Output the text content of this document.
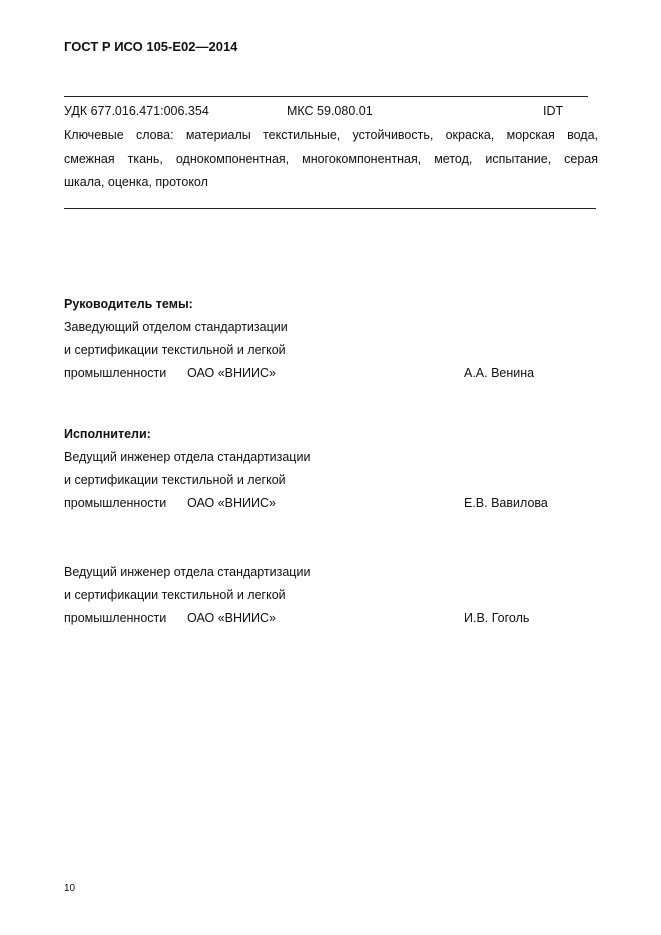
ГОСТ Р ИСО 105-E02—2014
УДК 677.016.471:006.354	МКС 59.080.01	IDT
Ключевые слова: материалы текстильные, устойчивость, окраска, морская вода,
смежная ткань, однокомпонентная, многокомпонентная, метод, испытание, серая
шкала, оценка, протокол
Руководитель темы:
Заведующий отделом стандартизации
и сертификации текстильной и легкой
промышленности ОАО «ВНИИС»	А.А. Венина
Исполнители:
Ведущий инженер отдела стандартизации
и сертификации текстильной и легкой
промышленности ОАО «ВНИИС»	Е.В. Вавилова
Ведущий инженер отдела стандартизации
и сертификации текстильной и легкой
промышленности ОАО «ВНИИС»	И.В. Гоголь
10
